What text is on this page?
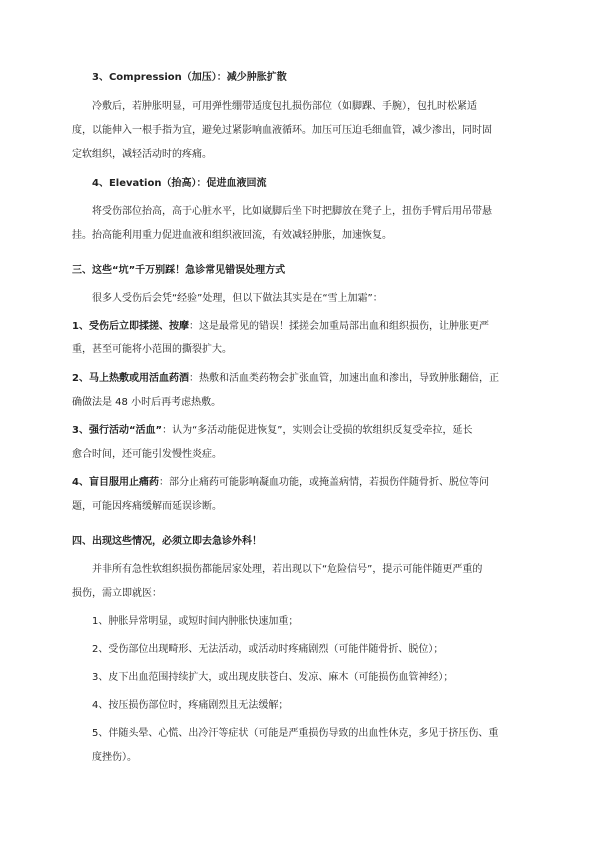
3、Compression（加压）：减少肿胀扩散
冷敷后，若肿胀明显，可用弹性绷带适度包扎损伤部位（如脚踝、手腕），包扎时松紧适
度，以能伸入一根手指为宜，避免过紧影响血液循环。加压可压迫毛细血管，减少渗出，同时固
定软组织，减轻活动时的疼痛。
4、Elevation（抬高）：促进血液回流
将受伤部位抬高，高于心脏水平，比如崴脚后坐下时把脚放在凳子上，扭伤手臂后用吊带悬
挂。抬高能利用重力促进血液和组织液回流，有效减轻肿胀，加速恢复。
三、这些“坑”千万别踩！急诊常见错误处理方式
很多人受伤后会凭“经验”处理，但以下做法其实是在“雪上加霜”：
1、受伤后立即揉搓、按摩：这是最常见的错误！揉搓会加重局部出血和组织损伤，让肿胀更严
重，甚至可能将小范围的撕裂扩大。
2、马上热敷或用活血药酒：热敷和活血类药物会扩张血管，加速出血和渗出，导致肿胀翻倍，正
确做法是 48 小时后再考虑热敷。
3、强行活动“活血”：认为“多活动能促进恢复”，实则会让受损的软组织反复受牵拉，延长
愈合时间，还可能引发慢性炎症。
4、盲目服用止痛药：部分止痛药可能影响凝血功能，或掩盖病情，若损伤伴随骨折、脱位等问
题，可能因疼痛缓解而延误诊断。
四、出现这些情况，必须立即去急诊外科！
并非所有急性软组织损伤都能居家处理，若出现以下“危险信号”，提示可能伴随更严重的
损伤，需立即就医：
1、肿胀异常明显，或短时间内肿胀快速加重；
2、受伤部位出现畸形、无法活动，或活动时疼痛剧烈（可能伴随骨折、脱位）；
3、皮下出血范围持续扩大，或出现皮肤苍白、发凉、麻木（可能损伤血管神经）；
4、按压损伤部位时，疼痛剧烈且无法缓解；
5、伴随头晕、心慌、出冷汗等症状（可能是严重损伤导致的出血性休克，多见于挤压伤、重
度挫伤）。
